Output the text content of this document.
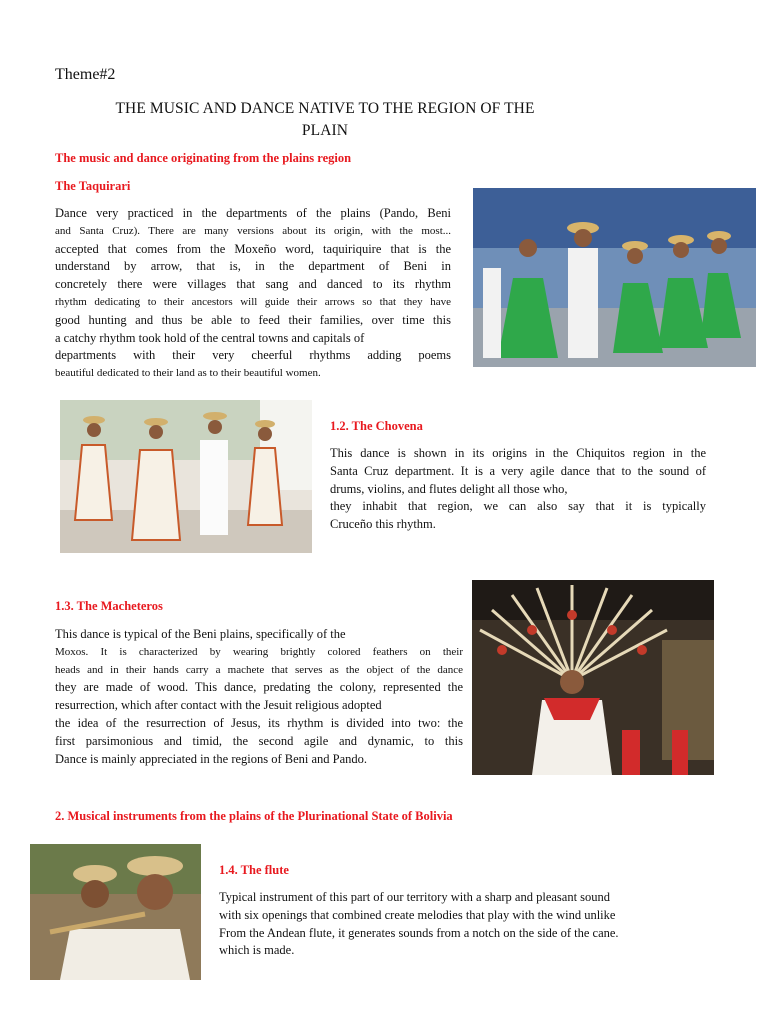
Theme#2
THE MUSIC AND DANCE NATIVE TO THE REGION OF THE
PLAIN
The music and dance originating from the plains region
The Taquirari
Dance very practiced in the departments of the plains (Pando, Beni
and Santa Cruz). There are many versions about its origin, with the most...
accepted that comes from the Moxeño word, taquiriquire that is the
understand by arrow, that is, in the department of Beni in
concretely there were villages that sang and danced to its rhythm
rhythm dedicating to their ancestors will guide their arrows so that they have
good hunting and thus be able to feed their families, over time this
a catchy rhythm took hold of the central towns and capitals of
departments with their very cheerful rhythms adding poems
beautiful dedicated to their land as to their beautiful women.
1.2. The Chovena
This dance is shown in its origins in the Chiquitos region in the
Santa Cruz department. It is a very agile dance that to the sound of
drums, violins, and flutes delight all those who,
they inhabit that region, we can also say that it is typically
Cruceño this rhythm.
1.3. The Macheteros
This dance is typical of the Beni plains, specifically of the
Moxos. It is characterized by wearing brightly colored feathers on their
heads and in their hands carry a machete that serves as the object of the dance
they are made of wood. This dance, predating the colony, represented the
resurrection, which after contact with the Jesuit religious adopted
the idea of the resurrection of Jesus, its rhythm is divided into two: the
first parsimonious and timid, the second agile and dynamic, to this
Dance is mainly appreciated in the regions of Beni and Pando.
2. Musical instruments from the plains of the Plurinational State of Bolivia
1.4. The flute
Typical instrument of this part of our territory with a sharp and pleasant sound
with six openings that combined create melodies that play with the wind unlike
From the Andean flute, it generates sounds from a notch on the side of the cane.
which is made.
